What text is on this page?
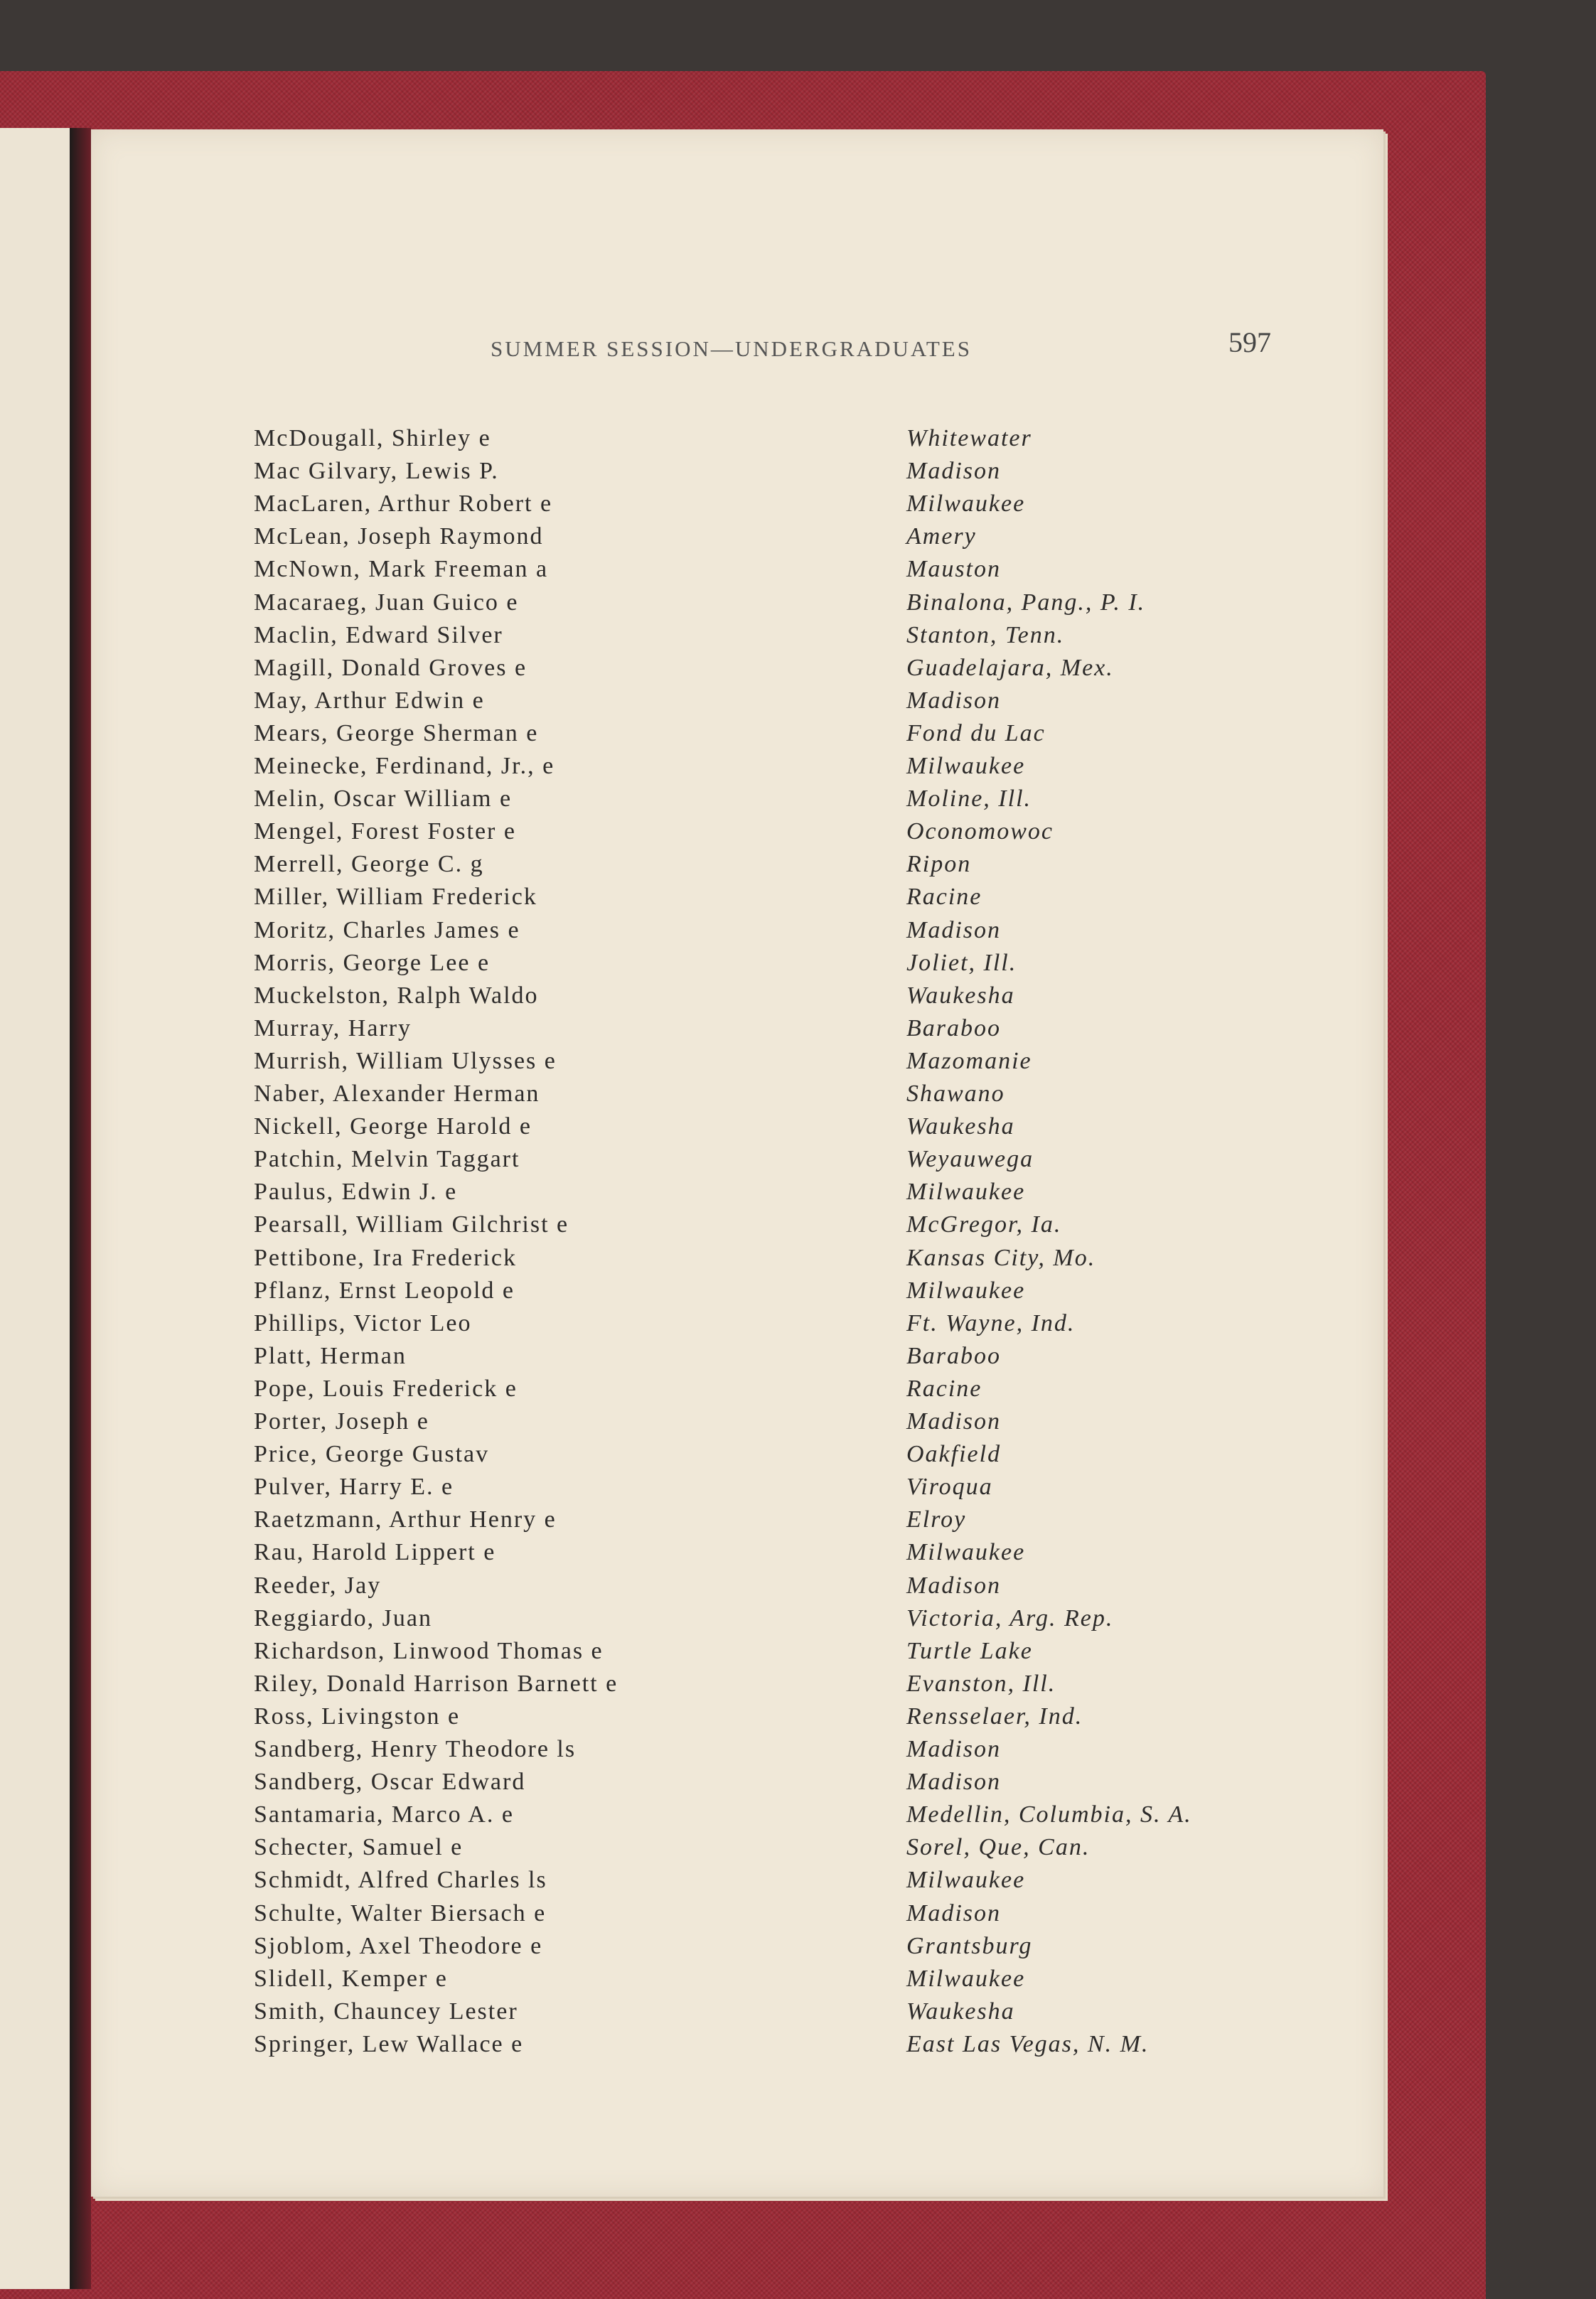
SUMMER SESSION—UNDERGRADUATES	597
McDougall, Shirley e	Whitewater
Mac Gilvary, Lewis P.	Madison
MacLaren, Arthur Robert e	Milwaukee
McLean, Joseph Raymond	Amery
McNown, Mark Freeman a	Mauston
Macaraeg, Juan Guico e	Binalona, Pang., P. I.
Maclin, Edward Silver	Stanton, Tenn.
Magill, Donald Groves e	Guadelajara, Mex.
May, Arthur Edwin e	Madison
Mears, George Sherman e	Fond du Lac
Meinecke, Ferdinand, Jr., e	Milwaukee
Melin, Oscar William e	Moline, Ill.
Mengel, Forest Foster e	Oconomowoc
Merrell, George C. g	Ripon
Miller, William Frederick	Racine
Moritz, Charles James e	Madison
Morris, George Lee e	Joliet, Ill.
Muckelston, Ralph Waldo	Waukesha
Murray, Harry	Baraboo
Murrish, William Ulysses e	Mazomanie
Naber, Alexander Herman	Shawano
Nickell, George Harold e	Waukesha
Patchin, Melvin Taggart	Weyauwega
Paulus, Edwin J. e	Milwaukee
Pearsall, William Gilchrist e	McGregor, Ia.
Pettibone, Ira Frederick	Kansas City, Mo.
Pflanz, Ernst Leopold e	Milwaukee
Phillips, Victor Leo	Ft. Wayne, Ind.
Platt, Herman	Baraboo
Pope, Louis Frederick e	Racine
Porter, Joseph e	Madison
Price, George Gustav	Oakfield
Pulver, Harry E. e	Viroqua
Raetzmann, Arthur Henry e	Elroy
Rau, Harold Lippert e	Milwaukee
Reeder, Jay	Madison
Reggiardo, Juan	Victoria, Arg. Rep.
Richardson, Linwood Thomas e	Turtle Lake
Riley, Donald Harrison Barnett e	Evanston, Ill.
Ross, Livingston e	Rensselaer, Ind.
Sandberg, Henry Theodore ls	Madison
Sandberg, Oscar Edward	Madison
Santamaria, Marco A. e	Medellin, Columbia, S. A.
Schecter, Samuel e	Sorel, Que, Can.
Schmidt, Alfred Charles ls	Milwaukee
Schulte, Walter Biersach e	Madison
Sjoblom, Axel Theodore e	Grantsburg
Slidell, Kemper e	Milwaukee
Smith, Chauncey Lester	Waukesha
Springer, Lew Wallace e	East Las Vegas, N. M.
